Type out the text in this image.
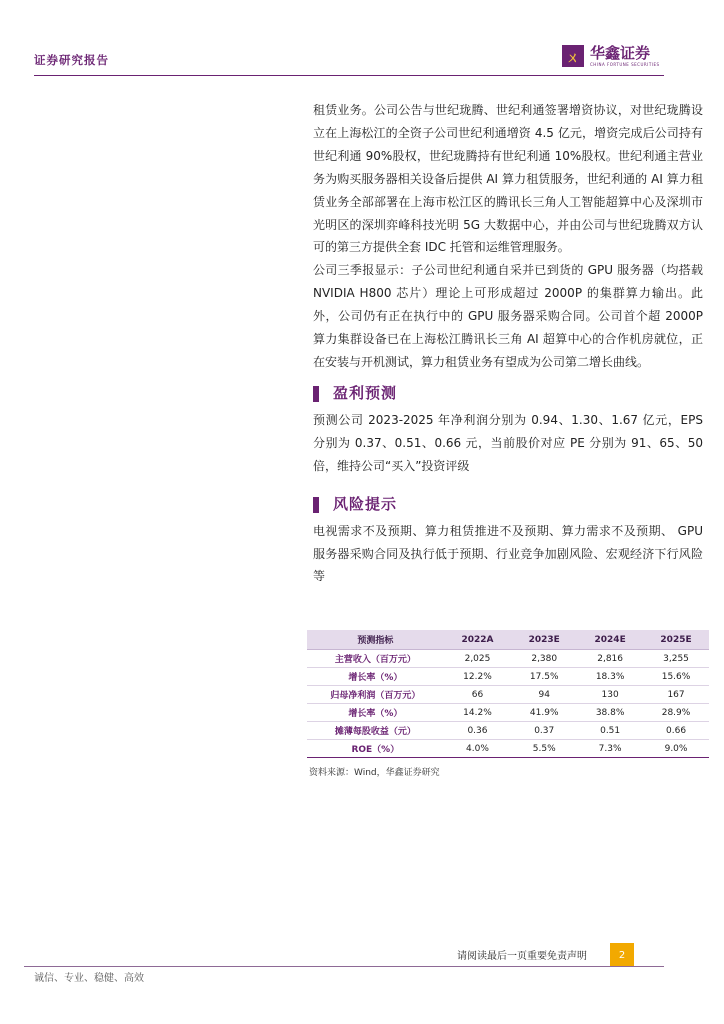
证券研究报告	ㄨ 华鑫证券
CHINA FORTUNE SECURITIES

租赁业务。公司公告与世纪珑腾、世纪利通签署增资协议，对世纪珑腾设立在上海松江的全资子公司世纪利通增资 4.5 亿元，增资完成后公司持有世纪利通 90%股权，世纪珑腾持有世纪利通 10%股权。世纪利通主营业务为购买服务器相关设备后提供 AI 算力租赁服务，世纪利通的 AI 算力租赁业务全部部署在上海市松江区的腾讯长三角人工智能超算中心及深圳市光明区的深圳弈峰科技光明 5G 大数据中心，并由公司与世纪珑腾双方认可的第三方提供全套 IDC 托管和运维管理服务。

公司三季报显示：子公司世纪利通自采并已到货的 GPU 服务器（均搭载 NVIDIA H800 芯片）理论上可形成超过 2000P 的集群算力输出。此外，公司仍有正在执行中的 GPU 服务器采购合同。公司首个超 2000P 算力集群设备已在上海松江腾讯长三角 AI 超算中心的合作机房就位，正在安装与开机测试，算力租赁业务有望成为公司第二增长曲线。

盈利预测

预测公司 2023-2025 年净利润分别为 0.94、1.30、1.67 亿元，EPS 分别为 0.37、0.51、0.66 元，当前股价对应 PE 分别为 91、65、50 倍，维持公司“买入”投资评级

风险提示

电视需求不及预期、算力租赁推进不及预期、算力需求不及预期、 GPU 服务器采购合同及执行低于预期、行业竞争加剧风险、宏观经济下行风险等

预测指标	2022A	2023E	2024E	2025E
主营收入（百万元）	2,025	2,380	2,816	3,255
增长率（%）	12.2%	17.5%	18.3%	15.6%
归母净利润（百万元）	66	94	130	167
增长率（%）	14.2%	41.9%	38.8%	28.9%
摊薄每股收益（元）	0.36	0.37	0.51	0.66
ROE（%）	4.0%	5.5%	7.3%	9.0%
资料来源：Wind，华鑫证券研究
请阅读最后一页重要免责声明	2
诚信、专业、稳健、高效
